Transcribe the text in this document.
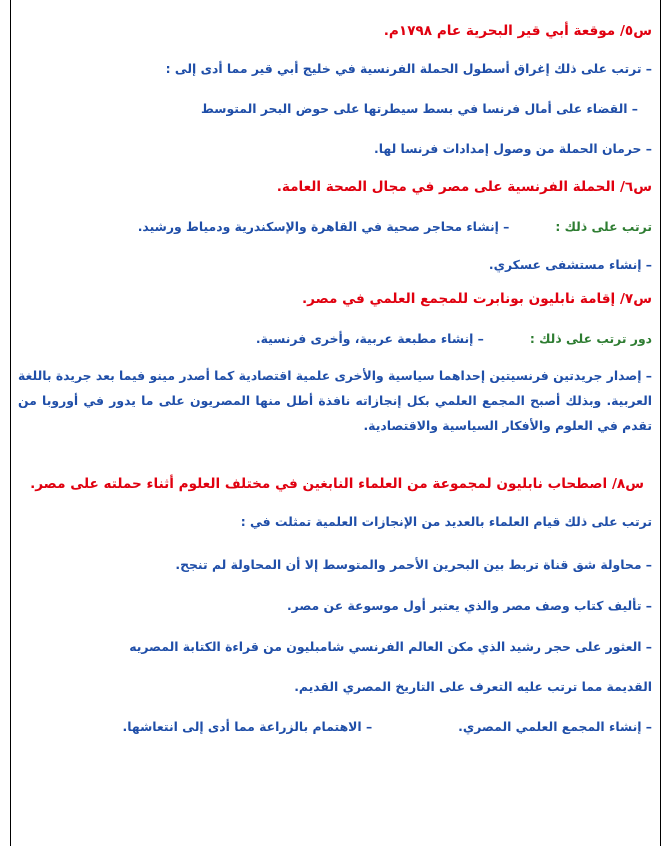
س٥/ موقعة أبي قير البحرية عام ١٧٩٨م.
– ترتب على ذلك إغراق أسطول الحملة الفرنسية في خليج أبي قير مما أدى إلى :
– القضاء على أمال فرنسا في بسط سيطرتها على حوض البحر المتوسط
– حرمان الحملة من وصول إمدادات فرنسا لها.
س٦/ الحملة الفرنسية على مصر في مجال الصحة العامة.
ترتب على ذلك :– إنشاء محاجر صحية في القاهرة والإسكندرية ودمياط ورشيد.
– إنشاء مستشفى عسكري.
س٧/ إقامة نابليون بونابرت للمجمع العلمي في مصر.
دور ترتب على ذلك :– إنشاء مطبعة عربية، وأخرى فرنسية.
– إصدار جريدتين فرنسيتين إحداهما سياسية والأخرى علمية اقتصادية كما أصدر مينو فيما بعد جريدة باللغة العربية. وبذلك أصبح المجمع العلمي بكل إنجازاته نافذة أطل منها المصريون على ما يدور في أوروبا من تقدم في العلوم والأفكار السياسية والاقتصادية.
س٨/ اصطحاب نابليون لمجموعة من العلماء النابغين في مختلف العلوم أثناء حملته على مصر.
ترتب على ذلك قيام العلماء بالعديد من الإنجازات العلمية تمثلت في :
– محاولة شق قناة تربط بين البحرين الأحمر والمتوسط إلا أن المحاولة لم تنجح.
– تأليف كتاب وصف مصر والذي يعتبر أول موسوعة عن مصر.
– العثور على حجر رشيد الذي مكن العالم الفرنسي شامبليون من قراءة الكتابة المصريه
القديمة مما ترتب عليه التعرف على التاريخ المصري القديم.
– إنشاء المجمع العلمي المصري.– الاهتمام بالزراعة مما أدى إلى انتعاشها.
